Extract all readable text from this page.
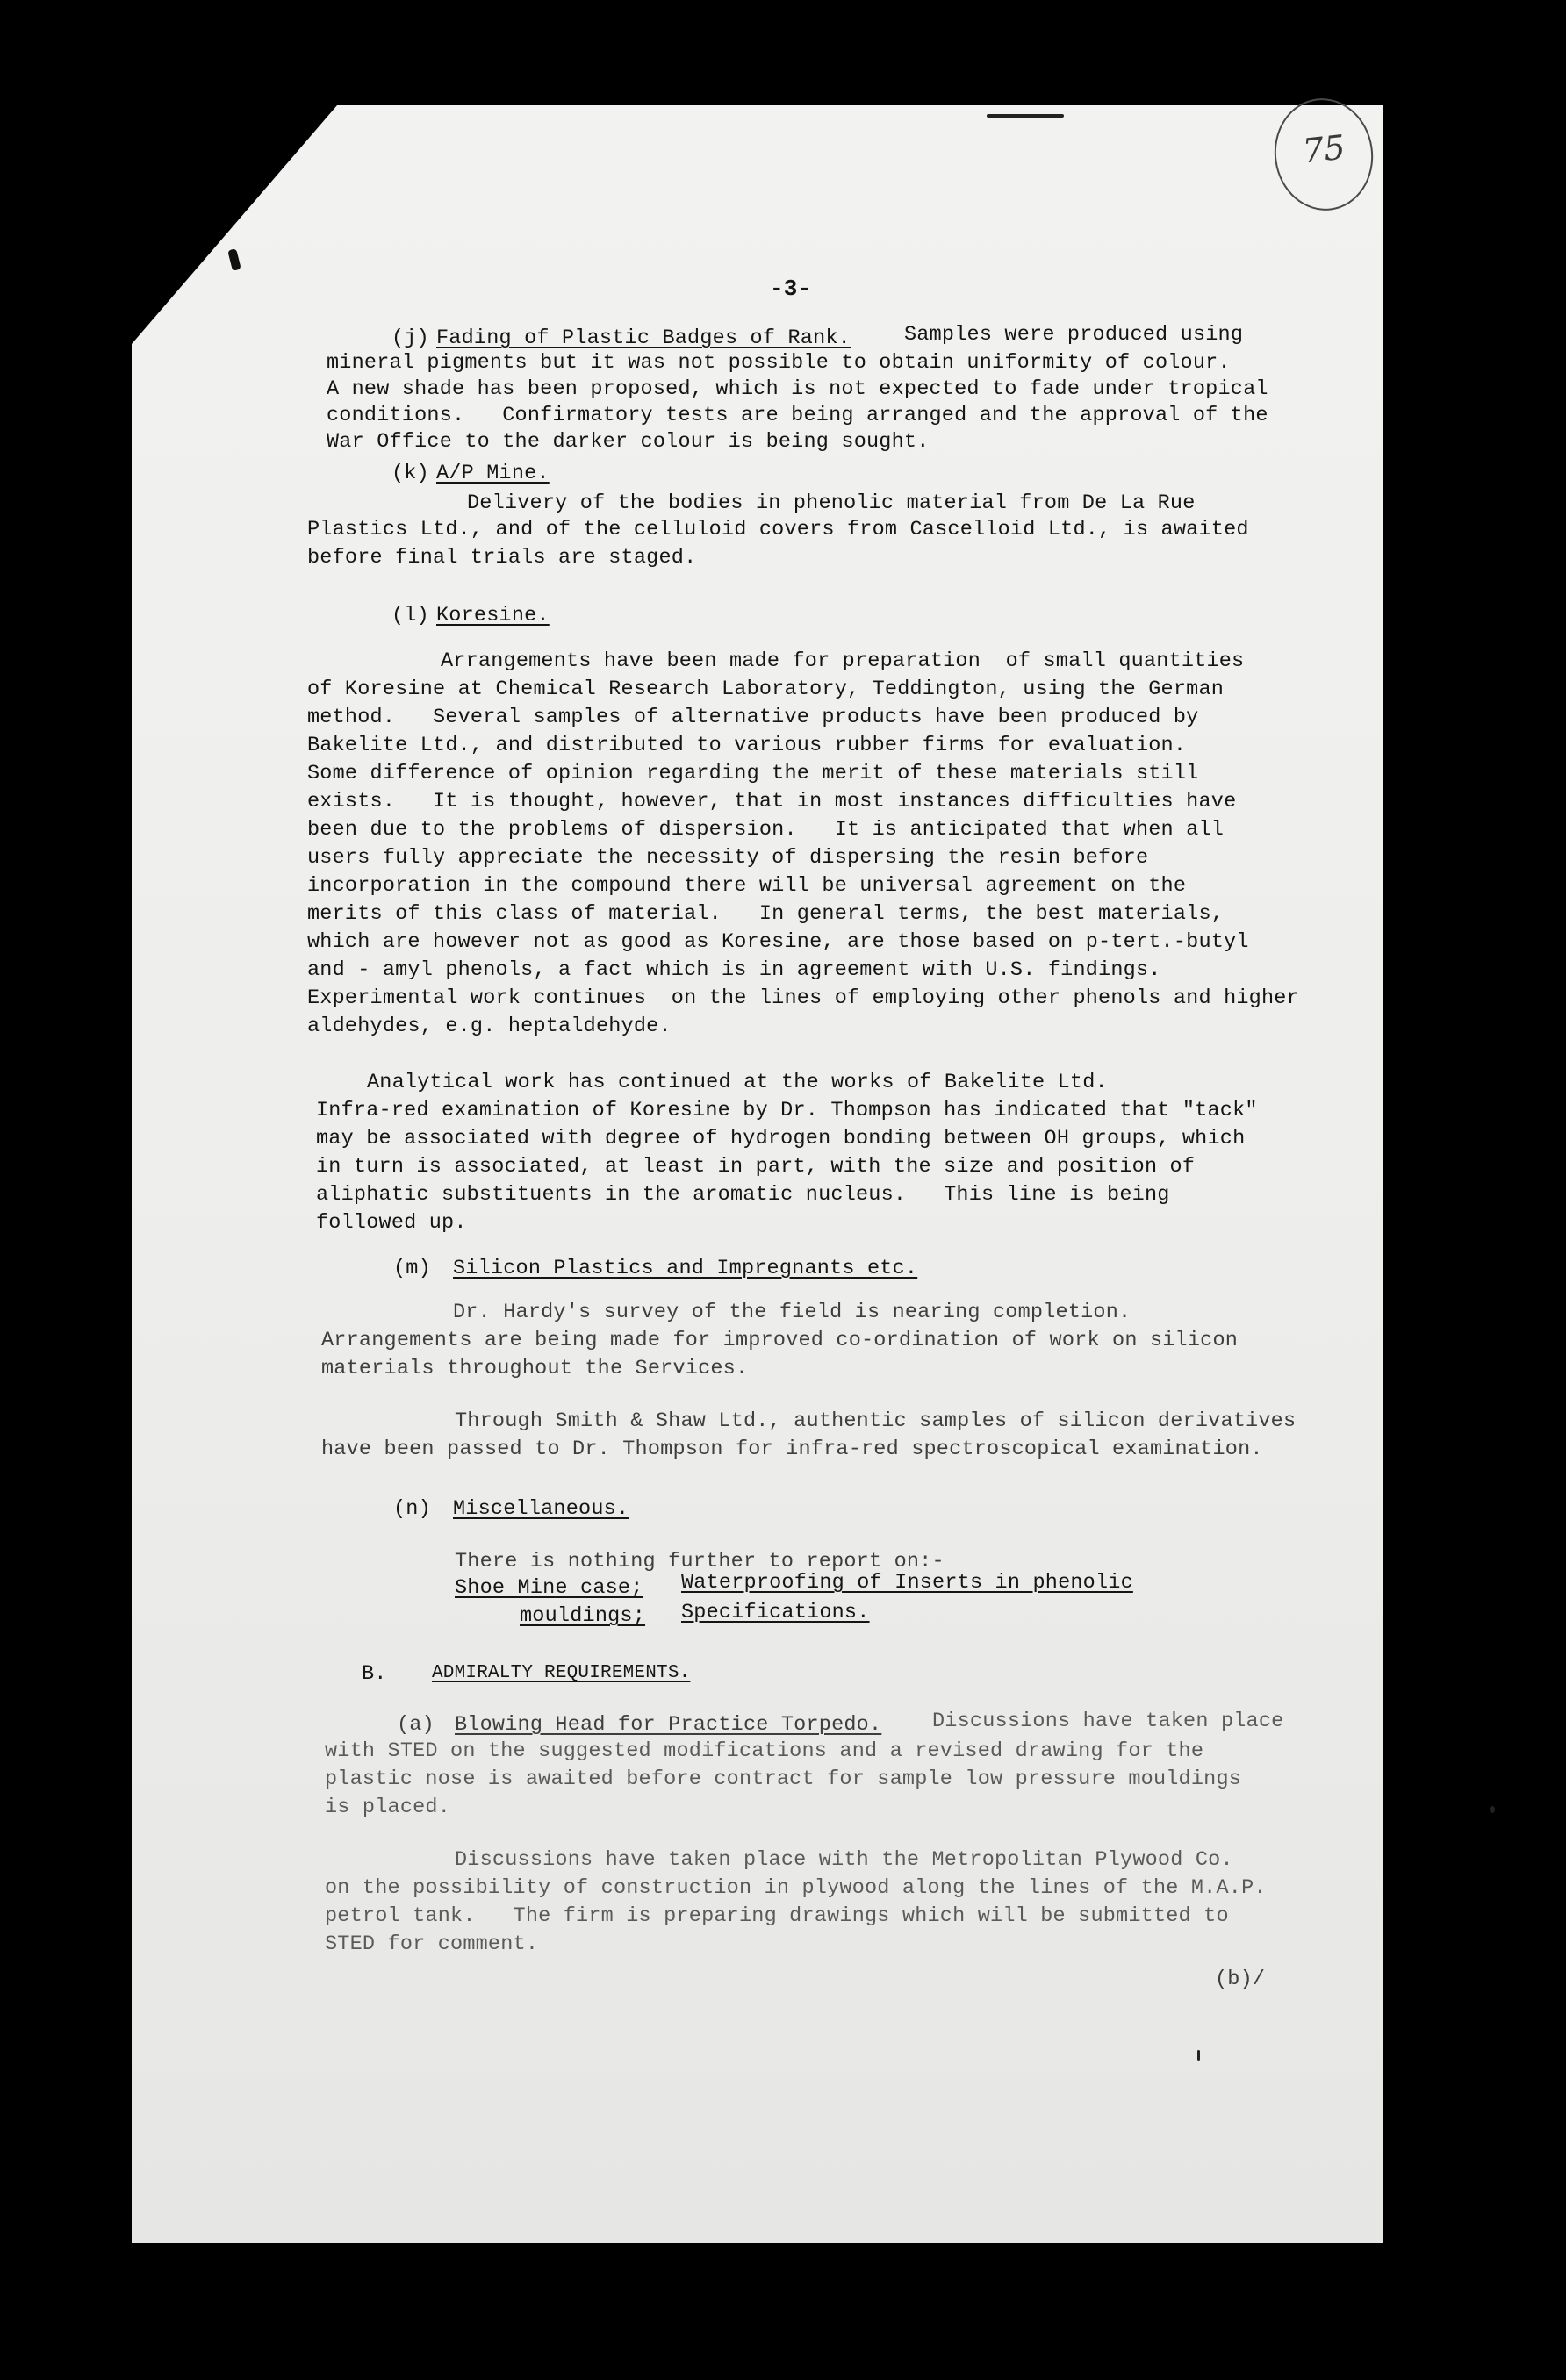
75
-3-
(j) Fading of Plastic Badges of Rank.	Samples were produced using
mineral pigments but it was not possible to obtain uniformity of colour.
A new shade has been proposed, which is not expected to fade under tropical
conditions.   Confirmatory tests are being arranged and the approval of the
War Office to the darker colour is being sought.
(k) A/P Mine.
Delivery of the bodies in phenolic material from De La Rue
Plastics Ltd., and of the celluloid covers from Cascelloid Ltd., is awaited
before final trials are staged.
(l) Koresine.
Arrangements have been made for preparation  of small quantities
of Koresine at Chemical Research Laboratory, Teddington, using the German
method.   Several samples of alternative products have been produced by
Bakelite Ltd., and distributed to various rubber firms for evaluation.
Some difference of opinion regarding the merit of these materials still
exists.   It is thought, however, that in most instances difficulties have
been due to the problems of dispersion.   It is anticipated that when all
users fully appreciate the necessity of dispersing the resin before
incorporation in the compound there will be universal agreement on the
merits of this class of material.   In general terms, the best materials,
which are however not as good as Koresine, are those based on p-tert.-butyl
and - amyl phenols, a fact which is in agreement with U.S. findings.
Experimental work continues  on the lines of employing other phenols and higher
aldehydes, e.g. heptaldehyde.
Analytical work has continued at the works of Bakelite Ltd.
Infra-red examination of Koresine by Dr. Thompson has indicated that "tack"
may be associated with degree of hydrogen bonding between OH groups, which
in turn is associated, at least in part, with the size and position of
aliphatic substituents in the aromatic nucleus.   This line is being
followed up.
(m) Silicon Plastics and Impregnants etc.
Dr. Hardy's survey of the field is nearing completion.
Arrangements are being made for improved co-ordination of work on silicon
materials throughout the Services.
Through Smith & Shaw Ltd., authentic samples of silicon derivatives
have been passed to Dr. Thompson for infra-red spectroscopical examination.
(n) Miscellaneous.
There is nothing further to report on:-
Shoe Mine case; Waterproofing of Inserts in phenolic
mouldings; Specifications.
B. ADMIRALTY REQUIREMENTS.
(a) Blowing Head for Practice Torpedo. Discussions have taken place
with STED on the suggested modifications and a revised drawing for the
plastic nose is awaited before contract for sample low pressure mouldings
is placed.
Discussions have taken place with the Metropolitan Plywood Co.
on the possibility of construction in plywood along the lines of the M.A.P.
petrol tank.   The firm is preparing drawings which will be submitted to
STED for comment.
(b)/
